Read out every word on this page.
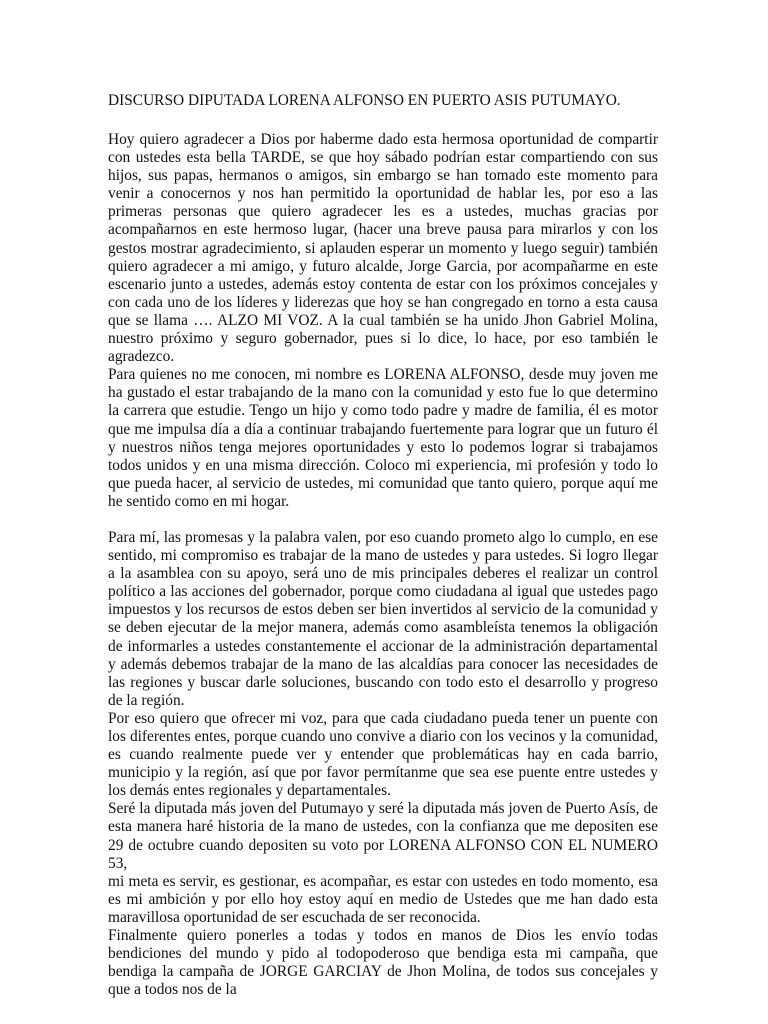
DISCURSO DIPUTADA LORENA ALFONSO EN PUERTO ASIS PUTUMAYO.

Hoy quiero agradecer a Dios por haberme dado esta hermosa oportunidad de compartir con ustedes esta bella TARDE, se que hoy sábado podrían estar compartiendo con sus hijos, sus papas, hermanos o amigos, sin embargo se han tomado este momento para venir a conocernos y nos han permitido la oportunidad de hablar les, por eso a las primeras personas que quiero agradecer les es a ustedes, muchas gracias por acompañarnos en este hermoso lugar, (hacer una breve pausa para mirarlos y con los gestos mostrar agradecimiento, si aplauden esperar un momento y luego seguir) también quiero agradecer a mi amigo, y futuro alcalde, Jorge Garcia, por acompañarme en este escenario junto a ustedes, además estoy contenta de estar con los próximos concejales y con cada uno de los líderes y liderezas que hoy se han congregado en torno a esta causa que se llama …. ALZO MI VOZ. A la cual también se ha unido Jhon Gabriel Molina, nuestro próximo y seguro gobernador, pues si lo dice, lo hace, por eso también le agradezco.

Para quienes no me conocen, mi nombre es LORENA ALFONSO, desde muy joven me ha gustado el estar trabajando de la mano con la comunidad y esto fue lo que determino la carrera que estudie. Tengo un hijo y como todo padre y madre de familia, él es motor que me impulsa día a día a continuar trabajando fuertemente para lograr que un futuro él y nuestros niños tenga mejores oportunidades y esto lo podemos lograr si trabajamos todos unidos y en una misma dirección. Coloco mi experiencia, mi profesión y todo lo que pueda hacer, al servicio de ustedes, mi comunidad que tanto quiero, porque aquí me he sentido como en mi hogar.

Para mí, las promesas y la palabra valen, por eso cuando prometo algo lo cumplo, en ese sentido, mi compromiso es trabajar de la mano de ustedes y para ustedes. Si logro llegar a la asamblea con su apoyo, será uno de mis principales deberes el realizar un control político a las acciones del gobernador, porque como ciudadana al igual que ustedes pago impuestos y los recursos de estos deben ser bien invertidos al servicio de la comunidad y se deben ejecutar de la mejor manera, además como asambleísta tenemos la obligación de informarles a ustedes constantemente el accionar de la administración departamental y además debemos trabajar de la mano de las alcaldías para conocer las necesidades de las regiones y buscar darle soluciones, buscando con todo esto el desarrollo y progreso de la región.

Por eso quiero que ofrecer mi voz, para que cada ciudadano pueda tener un puente con los diferentes entes, porque cuando uno convive a diario con los vecinos y la comunidad, es cuando realmente puede ver y entender que problemáticas hay en cada barrio, municipio y la región, así que por favor permítanme que sea ese puente entre ustedes y los demás entes regionales y departamentales.

Seré la diputada más joven del Putumayo y seré la diputada más joven de Puerto Asís, de esta manera haré historia de la mano de ustedes, con la confianza que me depositen ese 29 de octubre cuando depositen su voto por LORENA ALFONSO CON EL NUMERO 53,

mi meta es servir, es gestionar, es acompañar, es estar con ustedes en todo momento, esa es mi ambición y por ello hoy estoy aquí en medio de Ustedes que me han dado esta maravillosa oportunidad de ser escuchada de ser reconocida.

Finalmente quiero ponerles a todas y todos en manos de Dios les envío todas bendiciones del mundo y pido al todopoderoso que bendiga esta mi campaña, que bendiga la campaña de JORGE GARCIAY de Jhon Molina, de todos sus concejales y que a todos nos de la
